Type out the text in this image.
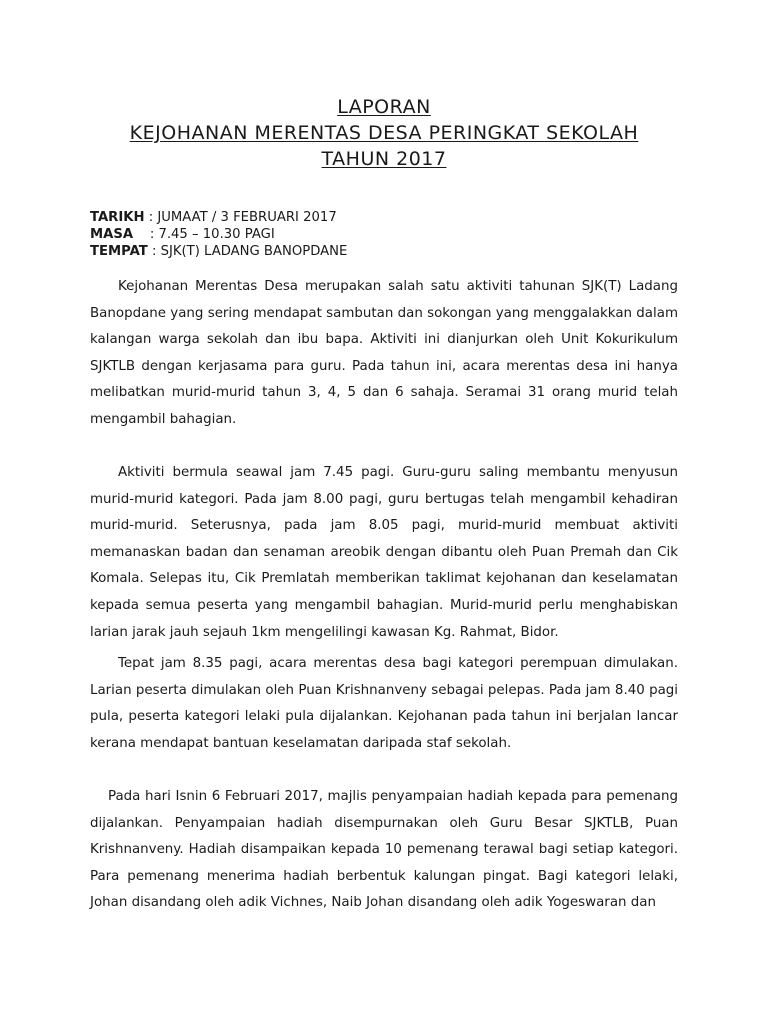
LAPORAN
KEJOHANAN MERENTAS DESA PERINGKAT SEKOLAH
TAHUN 2017
TARIKH : JUMAAT / 3 FEBRUARI 2017
MASA    : 7.45 – 10.30 PAGI
TEMPAT : SJK(T) LADANG BANOPDANE

Kejohanan Merentas Desa merupakan salah satu aktiviti tahunan SJK(T) Ladang Banopdane yang sering mendapat sambutan dan sokongan yang menggalakkan dalam kalangan warga sekolah dan ibu bapa. Aktiviti ini dianjurkan oleh Unit Kokurikulum SJKTLB dengan kerjasama para guru. Pada tahun ini, acara merentas desa ini hanya melibatkan murid-murid tahun 3, 4, 5 dan 6 sahaja. Seramai 31 orang murid telah mengambil bahagian.

Aktiviti bermula seawal jam 7.45 pagi. Guru-guru saling membantu menyusun murid-murid kategori. Pada jam 8.00 pagi, guru bertugas telah mengambil kehadiran murid-murid. Seterusnya, pada jam 8.05 pagi, murid-murid membuat aktiviti memanaskan badan dan senaman areobik dengan dibantu oleh Puan Premah dan Cik Komala. Selepas itu, Cik Premlatah memberikan taklimat kejohanan dan keselamatan kepada semua peserta yang mengambil bahagian. Murid-murid perlu menghabiskan larian jarak jauh sejauh 1km mengelilingi kawasan Kg. Rahmat, Bidor.

Tepat jam 8.35 pagi, acara merentas desa bagi kategori perempuan dimulakan. Larian peserta dimulakan oleh Puan Krishnanveny sebagai pelepas. Pada jam 8.40 pagi pula, peserta kategori lelaki pula dijalankan. Kejohanan pada tahun ini berjalan lancar kerana mendapat bantuan keselamatan daripada staf sekolah.

Pada hari Isnin 6 Februari 2017, majlis penyampaian hadiah kepada para pemenang dijalankan. Penyampaian hadiah disempurnakan oleh Guru Besar SJKTLB, Puan Krishnanveny. Hadiah disampaikan kepada 10 pemenang terawal bagi setiap kategori. Para pemenang menerima hadiah berbentuk kalungan pingat. Bagi kategori lelaki, Johan disandang oleh adik Vichnes, Naib Johan disandang oleh adik Yogeswaran dan
